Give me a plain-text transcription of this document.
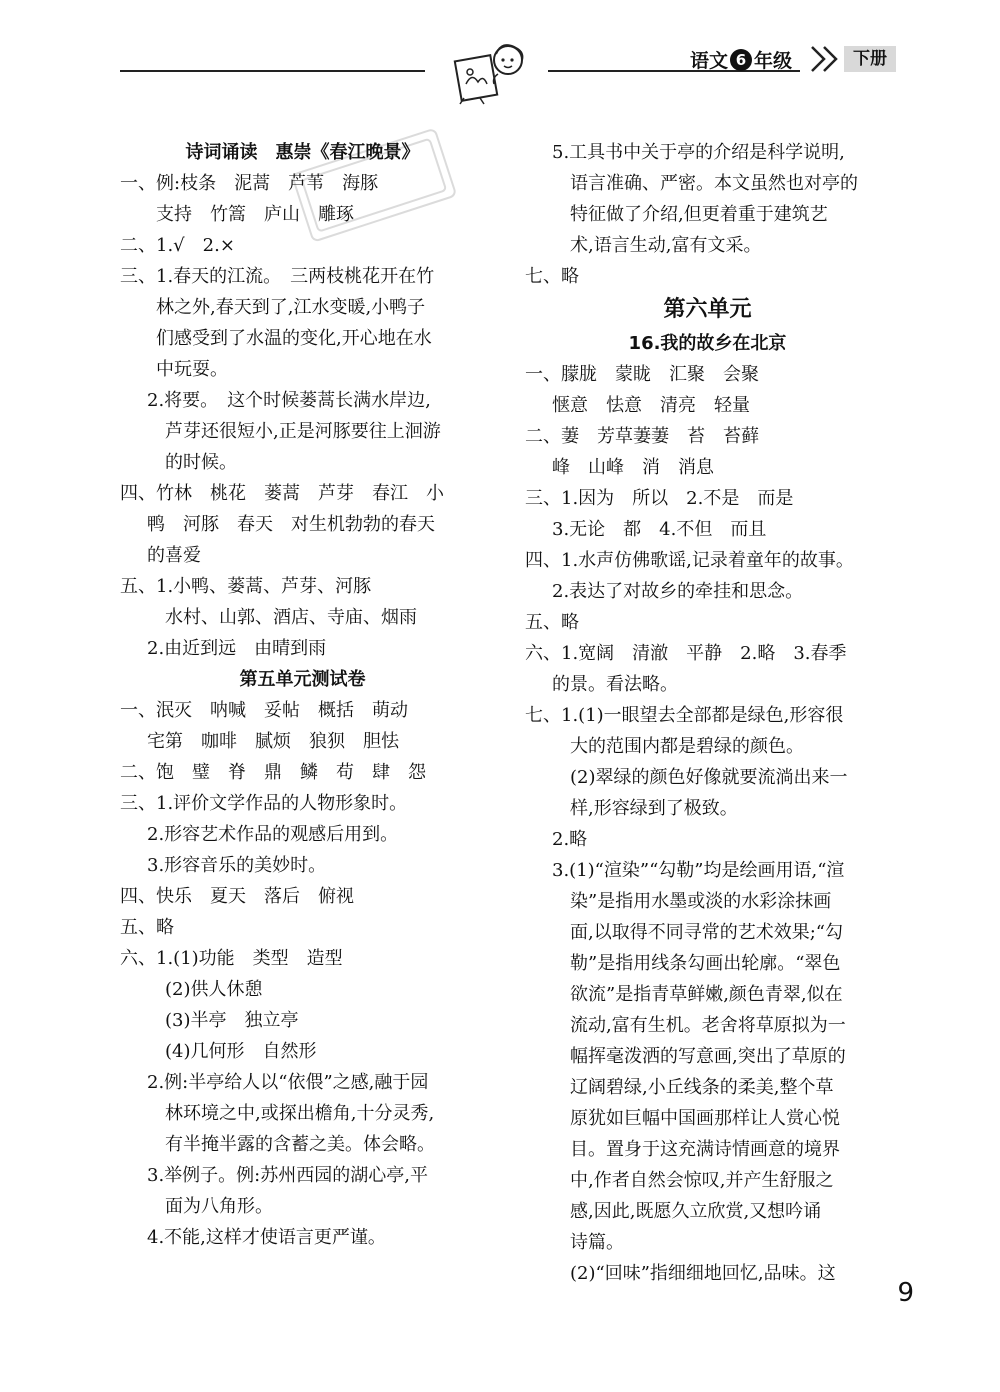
语文 6 年级	下册
诗词诵读　惠崇《春江晚景》
一、例:枝条　泥蒿　芦苇　海豚
支持　竹篙　庐山　雕琢
二、1.√　2.×
三、1.春天的江流。　三两枝桃花开在竹
林之外,春天到了,江水变暖,小鸭子
们感受到了水温的变化,开心地在水
中玩耍。
2.将要。　这个时候蒌蒿长满水岸边,
芦芽还很短小,正是河豚要往上洄游
的时候。
四、竹林　桃花　蒌蒿　芦芽　春江　小
鸭　河豚　春天　对生机勃勃的春天
的喜爱
五、1.小鸭、蒌蒿、芦芽、河豚
水村、山郭、酒店、寺庙、烟雨
2.由近到远　由晴到雨
第五单元测试卷
一、泯灭　呐喊　妥帖　概括　萌动
宅第　咖啡　腻烦　狼狈　胆怯
二、饱　璧　脊　鼎　鳞　苟　肆　怨
三、1.评价文学作品的人物形象时。
2.形容艺术作品的观感后用到。
3.形容音乐的美妙时。
四、快乐　夏天　落后　俯视
五、略
六、1.(1)功能　类型　造型
(2)供人休憩
(3)半亭　独立亭
(4)几何形　自然形
2.例:半亭给人以“依偎”之感,融于园
林环境之中,或探出檐角,十分灵秀,
有半掩半露的含蓄之美。体会略。
3.举例子。例:苏州西园的湖心亭,平
面为八角形。
4.不能,这样才使语言更严谨。
5.工具书中关于亭的介绍是科学说明,
语言准确、严密。本文虽然也对亭的
特征做了介绍,但更着重于建筑艺
术,语言生动,富有文采。
七、略
第六单元
16.我的故乡在北京
一、朦胧　蒙眬　汇聚　会聚
惬意　怯意　清亮　轻量
二、萋　芳草萋萋　苔　苔藓
峰　山峰　消　消息
三、1.因为　所以　2.不是　而是
3.无论　都　4.不但　而且
四、1.水声仿佛歌谣,记录着童年的故事。
2.表达了对故乡的牵挂和思念。
五、略
六、1.宽阔　清澈　平静　2.略　3.春季
的景。看法略。
七、1.(1)一眼望去全部都是绿色,形容很
大的范围内都是碧绿的颜色。
(2)翠绿的颜色好像就要流淌出来一
样,形容绿到了极致。
2.略
3.(1)“渲染”“勾勒”均是绘画用语,“渲
染”是指用水墨或淡的水彩涂抹画
面,以取得不同寻常的艺术效果;“勾
勒”是指用线条勾画出轮廓。“翠色
欲流”是指青草鲜嫩,颜色青翠,似在
流动,富有生机。老舍将草原拟为一
幅挥毫泼洒的写意画,突出了草原的
辽阔碧绿,小丘线条的柔美,整个草
原犹如巨幅中国画那样让人赏心悦
目。置身于这充满诗情画意的境界
中,作者自然会惊叹,并产生舒服之
感,因此,既愿久立欣赏,又想吟诵
诗篇。
(2)“回味”指细细地回忆,品味。这
9
